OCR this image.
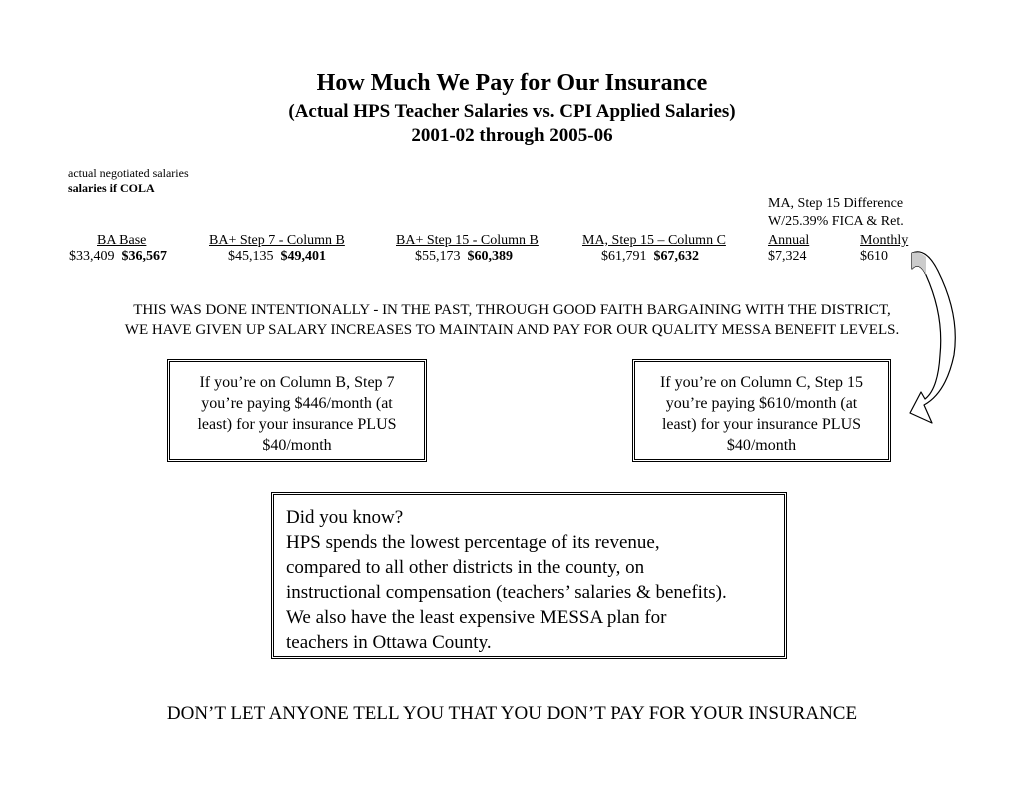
How Much We Pay for Our Insurance
(Actual HPS Teacher Salaries vs. CPI Applied Salaries)
2001-02 through 2005-06
actual negotiated salaries
salaries if COLA
MA, Step 15 Difference
W/25.39% FICA & Ret.
BA Base	BA+ Step 7 - Column B	BA+ Step 15 - Column B	MA, Step 15 – Column C	Annual	Monthly
$33,409 $36,567	$45,135 $49,401	$55,173 $60,389	$61,791 $67,632	$7,324	$610
THIS WAS DONE INTENTIONALLY - IN THE PAST, THROUGH GOOD FAITH BARGAINING WITH THE DISTRICT,
WE HAVE GIVEN UP SALARY INCREASES TO MAINTAIN AND PAY FOR OUR QUALITY MESSA BENEFIT LEVELS.
If you’re on Column B, Step 7
you’re paying $446/month (at
least) for your insurance PLUS
$40/month
If you’re on Column C, Step 15
you’re paying $610/month (at
least) for your insurance PLUS
$40/month
Did you know?
HPS spends the lowest percentage of its revenue,
compared to all other districts in the county, on
instructional compensation (teachers’ salaries & benefits).
We also have the least expensive MESSA plan for
teachers in Ottawa County.
DON’T LET ANYONE TELL YOU THAT YOU DON’T PAY FOR YOUR INSURANCE
